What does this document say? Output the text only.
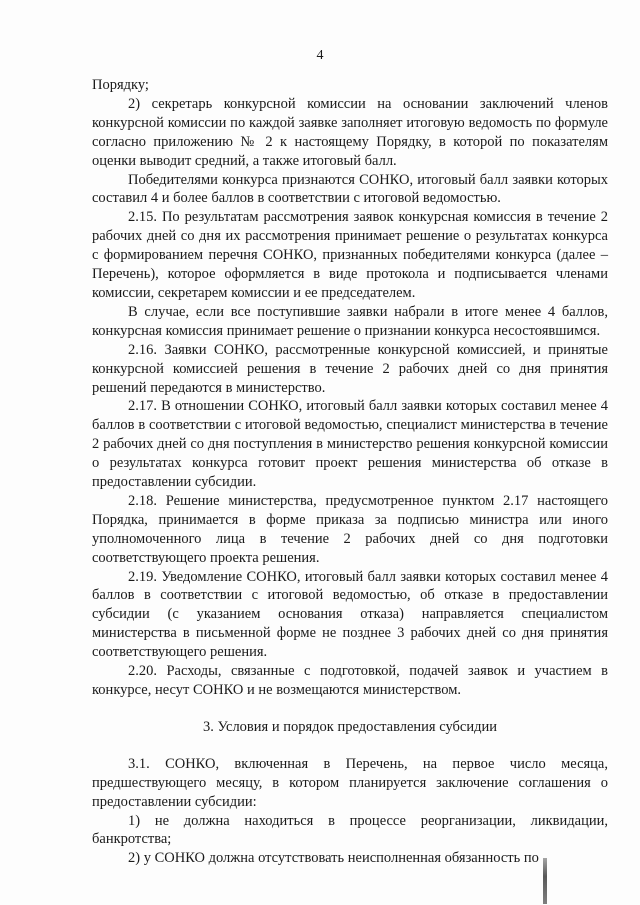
4

Порядку;

2) секретарь конкурсной комиссии на основании заключений членов конкурсной комиссии по каждой заявке заполняет итоговую ведомость по формуле согласно приложению № 2 к настоящему Порядку, в которой по показателям оценки выводит средний, а также итоговый балл.

Победителями конкурса признаются СОНКО, итоговый балл заявки которых составил 4 и более баллов в соответствии с итоговой ведомостью.

2.15. По результатам рассмотрения заявок конкурсная комиссия в течение 2 рабочих дней со дня их рассмотрения принимает решение о результатах конкурса с формированием перечня СОНКО, признанных победителями конкурса (далее – Перечень), которое оформляется в виде протокола и подписывается членами комиссии, секретарем комиссии и ее председателем.

В случае, если все поступившие заявки набрали в итоге менее 4 баллов, конкурсная комиссия принимает решение о признании конкурса несостоявшимся.

2.16. Заявки СОНКО, рассмотренные конкурсной комиссией, и принятые конкурсной комиссией решения в течение 2 рабочих дней со дня принятия решений передаются в министерство.

2.17. В отношении СОНКО, итоговый балл заявки которых составил менее 4 баллов в соответствии с итоговой ведомостью, специалист министерства в течение 2 рабочих дней со дня поступления в министерство решения конкурсной комиссии о результатах конкурса готовит проект решения министерства об отказе в предоставлении субсидии.

2.18. Решение министерства, предусмотренное пунктом 2.17 настоящего Порядка, принимается в форме приказа за подписью министра или иного уполномоченного лица в течение 2 рабочих дней со дня подготовки соответствующего проекта решения.

2.19. Уведомление СОНКО, итоговый балл заявки которых составил менее 4 баллов в соответствии с итоговой ведомостью, об отказе в предоставлении субсидии (с указанием основания отказа) направляется специалистом министерства в письменной форме не позднее 3 рабочих дней со дня принятия соответствующего решения.

2.20. Расходы, связанные с подготовкой, подачей заявок и участием в конкурсе, несут СОНКО и не возмещаются министерством.

3. Условия и порядок предоставления субсидии

3.1. СОНКО, включенная в Перечень, на первое число месяца, предшествующего месяцу, в котором планируется заключение соглашения о предоставлении субсидии:

1) не должна находиться в процессе реорганизации, ликвидации, банкротства;

2) у СОНКО должна отсутствовать неисполненная обязанность по
